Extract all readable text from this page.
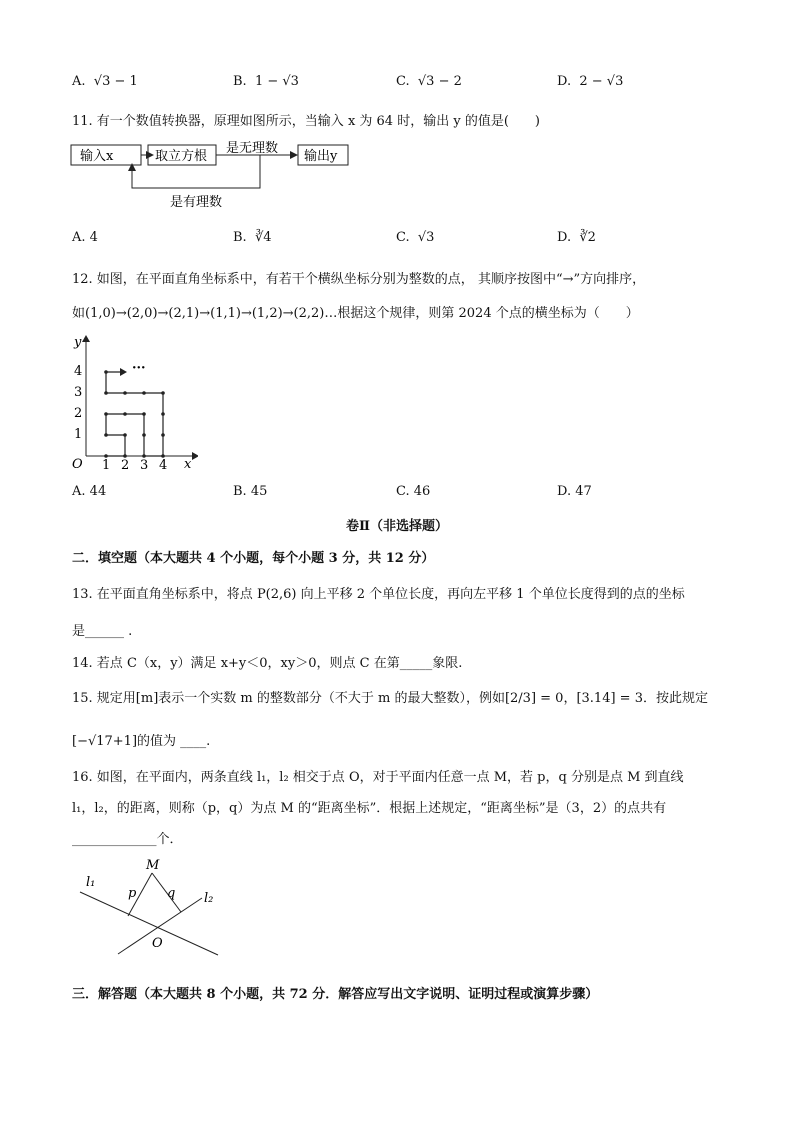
A. √3 − 1	B. 1 − √3	C. √3 − 2	D. 2 − √3
11. 有一个数值转换器，原理如图所示，当输入 x 为 64 时，输出 y 的值是(　　)
输入x	取立方根
是无理数
输出y
是有理数
A. 4	B. ∛4	C. √3	D. ∛2
12. 如图，在平面直角坐标系中，有若干个横纵坐标分别为整数的点， 其顺序按图中“→”方向排序，
如(1,0)→(2,0)→(2,1)→(1,1)→(1,2)→(2,2)…根据这个规律，则第 2024 个点的横坐标为（　　）
y
x
O 1 2 3 4
1
2
3
4	···
A. 44	B. 45	C. 46	D. 47
卷Ⅱ（非选择题）
二．填空题（本大题共 4 个小题，每个小题 3 分，共 12 分）
13. 在平面直角坐标系中，将点 P(2,6) 向上平移 2 个单位长度，再向左平移 1 个单位长度得到的点的坐标
是______ .
14. 若点 C（x，y）满足 x+y＜0，xy＞0，则点 C 在第_____象限.
15. 规定用[m]表示一个实数 m 的整数部分（不大于 m 的最大整数），例如[2/3] = 0，[3.14] = 3．按此规定
[−√17+1]的值为 ____.
16. 如图，在平面内，两条直线 l₁，l₂ 相交于点 O，对于平面内任意一点 M，若 p，q 分别是点 M 到直线
l₁，l₂，的距离，则称（p，q）为点 M 的“距离坐标”．根据上述规定，“距离坐标”是（3，2）的点共有
_____________个．
M
l₁
l₂
p q
O
三．解答题（本大题共 8 个小题，共 72 分．解答应写出文字说明、证明过程或演算步骤）
